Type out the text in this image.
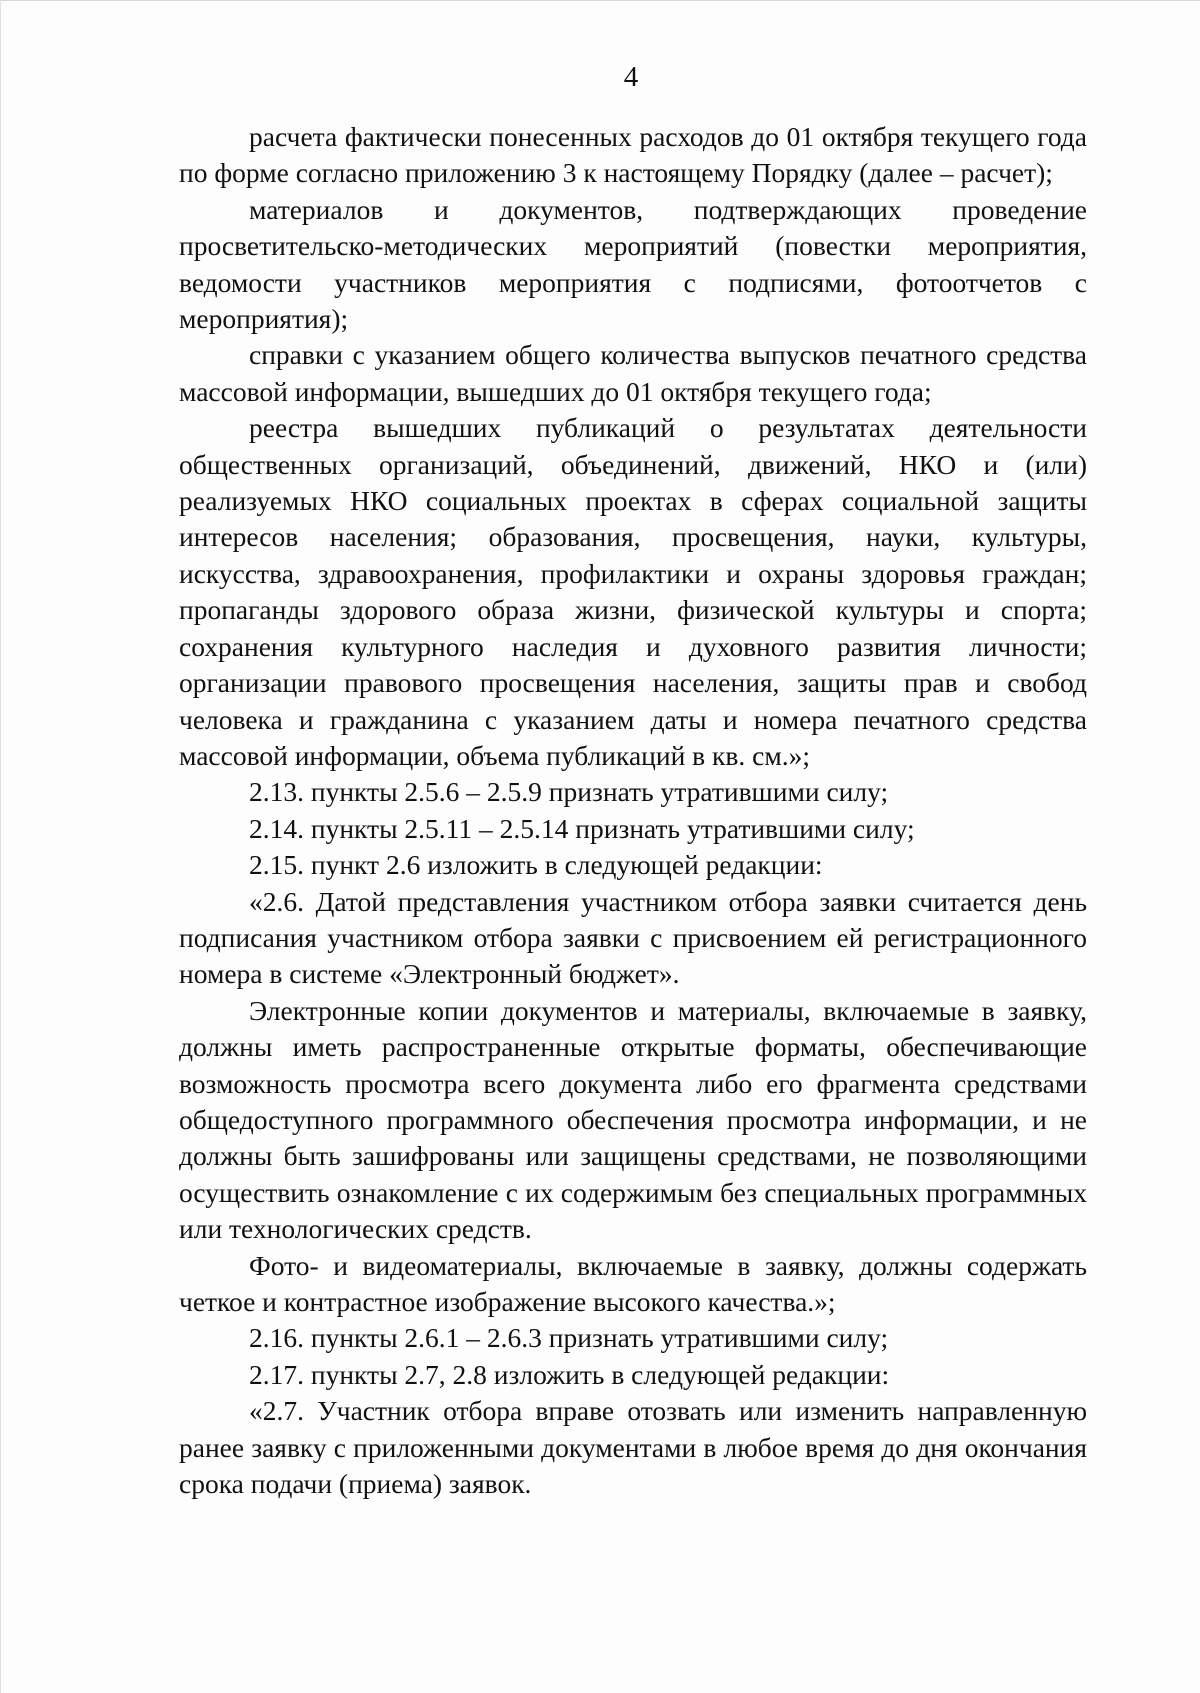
4

расчета фактически понесенных расходов до 01 октября текущего года по форме согласно приложению 3 к настоящему Порядку (далее – расчет);

материалов и документов, подтверждающих проведение просветительско-методических мероприятий (повестки мероприятия, ведомости участников мероприятия с подписями, фотоотчетов с мероприятия);

справки с указанием общего количества выпусков печатного средства массовой информации, вышедших до 01 октября текущего года;

реестра вышедших публикаций о результатах деятельности общественных организаций, объединений, движений, НКО и (или) реализуемых НКО социальных проектах в сферах социальной защиты интересов населения; образования, просвещения, науки, культуры, искусства, здравоохранения, профилактики и охраны здоровья граждан; пропаганды здорового образа жизни, физической культуры и спорта; сохранения культурного наследия и духовного развития личности; организации правового просвещения населения, защиты прав и свобод человека и гражданина с указанием даты и номера печатного средства массовой информации, объема публикаций в кв. см.»;

2.13. пункты 2.5.6 – 2.5.9 признать утратившими силу;

2.14. пункты 2.5.11 – 2.5.14 признать утратившими силу;

2.15. пункт 2.6 изложить в следующей редакции:

«2.6. Датой представления участником отбора заявки считается день подписания участником отбора заявки с присвоением ей регистрационного номера в системе «Электронный бюджет».

Электронные копии документов и материалы, включаемые в заявку, должны иметь распространенные открытые форматы, обеспечивающие возможность просмотра всего документа либо его фрагмента средствами общедоступного программного обеспечения просмотра информации, и не должны быть зашифрованы или защищены средствами, не позволяющими осуществить ознакомление с их содержимым без специальных программных или технологических средств.

Фото- и видеоматериалы, включаемые в заявку, должны содержать четкое и контрастное изображение высокого качества.»;

2.16. пункты 2.6.1 – 2.6.3 признать утратившими силу;

2.17. пункты 2.7, 2.8 изложить в следующей редакции:

«2.7. Участник отбора вправе отозвать или изменить направленную ранее заявку с приложенными документами в любое время до дня окончания срока подачи (приема) заявок.
